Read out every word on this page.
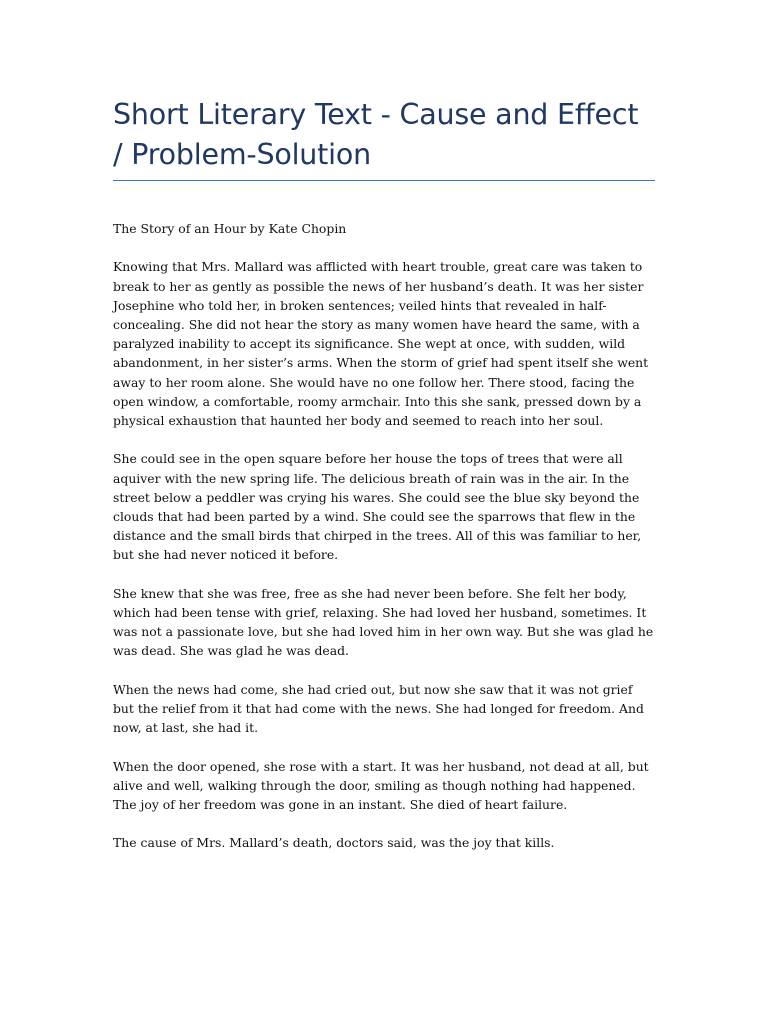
Short Literary Text - Cause and Effect / Problem-Solution

The Story of an Hour by Kate Chopin

Knowing that Mrs. Mallard was afflicted with heart trouble, great care was taken to break to her as gently as possible the news of her husband’s death. It was her sister Josephine who told her, in broken sentences; veiled hints that revealed in half-concealing. She did not hear the story as many women have heard the same, with a paralyzed inability to accept its significance. She wept at once, with sudden, wild abandonment, in her sister’s arms. When the storm of grief had spent itself she went away to her room alone. She would have no one follow her. There stood, facing the open window, a comfortable, roomy armchair. Into this she sank, pressed down by a physical exhaustion that haunted her body and seemed to reach into her soul.

She could see in the open square before her house the tops of trees that were all aquiver with the new spring life. The delicious breath of rain was in the air. In the street below a peddler was crying his wares. She could see the blue sky beyond the clouds that had been parted by a wind. She could see the sparrows that flew in the distance and the small birds that chirped in the trees. All of this was familiar to her, but she had never noticed it before.

She knew that she was free, free as she had never been before. She felt her body, which had been tense with grief, relaxing. She had loved her husband, sometimes. It was not a passionate love, but she had loved him in her own way. But she was glad he was dead. She was glad he was dead.

When the news had come, she had cried out, but now she saw that it was not grief but the relief from it that had come with the news. She had longed for freedom. And now, at last, she had it.

When the door opened, she rose with a start. It was her husband, not dead at all, but alive and well, walking through the door, smiling as though nothing had happened. The joy of her freedom was gone in an instant. She died of heart failure.

The cause of Mrs. Mallard’s death, doctors said, was the joy that kills.
